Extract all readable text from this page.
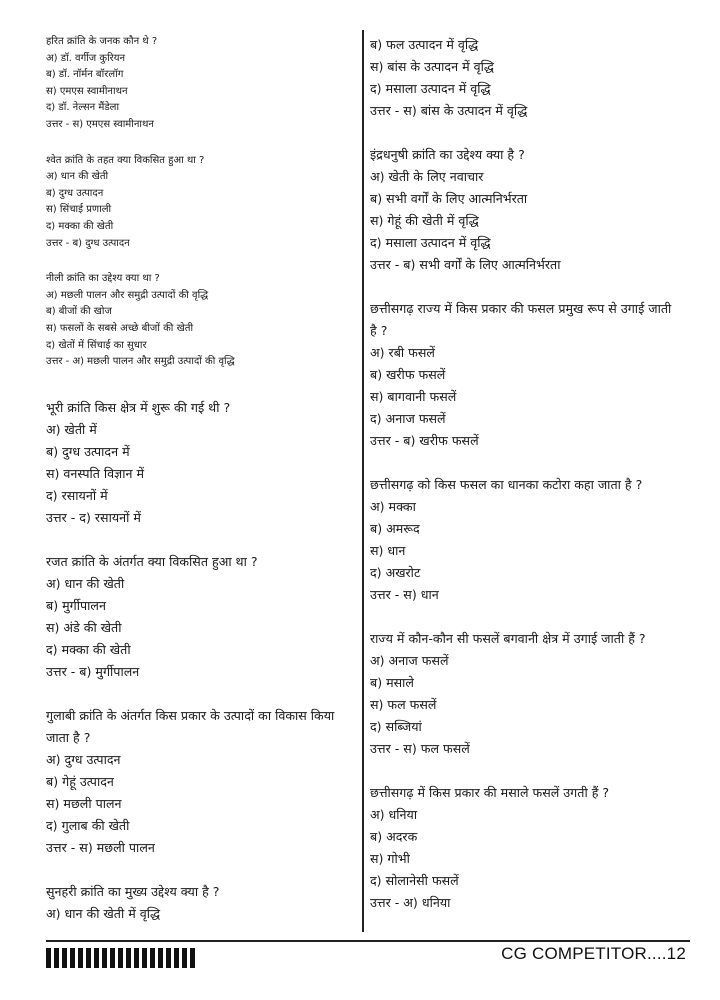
हरित क्रांति के जनक कौन थे ?
अ) डॉ. वर्गीज कुरियन
ब) डॉ. नॉर्मन बॉरलॉग
स) एमएस स्वामीनाथन
द) डॉ. नेल्सन मैंडेला
उत्तर - स) एमएस स्वामीनाथन
श्वेत क्रांति के तहत क्या विकसित हुआ था ?
अ) धान की खेती
ब) दुग्ध उत्पादन
स) सिंचाई प्रणाली
द) मक्का की खेती
उत्तर - ब) दुग्ध उत्पादन
नीली क्रांति का उद्देश्य क्या था ?
अ) मछली पालन और समुद्री उत्पादों की वृद्धि
ब) बीजों की खोज
स) फसलों के सबसे अच्छे बीजों की खेती
द) खेतों में सिंचाई का सुधार
उत्तर - अ) मछली पालन और समुद्री उत्पादों की वृद्धि
भूरी क्रांति किस क्षेत्र में शुरू की गई थी ?
अ) खेती में
ब) दुग्ध उत्पादन में
स) वनस्पति विज्ञान में
द) रसायनों में
उत्तर - द) रसायनों में
रजत क्रांति के अंतर्गत क्या विकसित हुआ था ?
अ) धान की खेती
ब) मुर्गीपालन
स) अंडे की खेती
द) मक्का की खेती
उत्तर - ब) मुर्गीपालन
गुलाबी क्रांति के अंतर्गत किस प्रकार के उत्पादों का विकास किया
जाता है ?
अ) दुग्ध उत्पादन
ब) गेहूं उत्पादन
स) मछली पालन
द) गुलाब की खेती
उत्तर - स) मछली पालन
सुनहरी क्रांति का मुख्य उद्देश्य क्या है ?
अ) धान की खेती में वृद्धि
ब) फल उत्पादन में वृद्धि
स) बांस के उत्पादन में वृद्धि
द) मसाला उत्पादन में वृद्धि
उत्तर - स) बांस के उत्पादन में वृद्धि
इंद्रधनुषी क्रांति का उद्देश्य क्या है ?
अ) खेती के लिए नवाचार
ब) सभी वर्गों के लिए आत्मनिर्भरता
स) गेहूं की खेती में वृद्धि
द) मसाला उत्पादन में वृद्धि
उत्तर - ब) सभी वर्गों के लिए आत्मनिर्भरता
छत्तीसगढ़ राज्य में किस प्रकार की फसल प्रमुख रूप से उगाई जाती
है ?
अ) रबी फसलें
ब) खरीफ फसलें
स) बागवानी फसलें
द) अनाज फसलें
उत्तर - ब) खरीफ फसलें
छत्तीसगढ़ को किस फसल का धानका कटोरा कहा जाता है ?
अ) मक्का
ब) अमरूद
स) धान
द) अखरोट
उत्तर - स) धान
राज्य में कौन-कौन सी फसलें बगवानी क्षेत्र में उगाई जाती हैं ?
अ) अनाज फसलें
ब) मसाले
स) फल फसलें
द) सब्जियां
उत्तर - स) फल फसलें
छत्तीसगढ़ में किस प्रकार की मसाले फसलें उगती हैं ?
अ) धनिया
ब) अदरक
स) गोभी
द) सोलानेसी फसलें
उत्तर - अ) धनिया
CG COMPETITOR....12
